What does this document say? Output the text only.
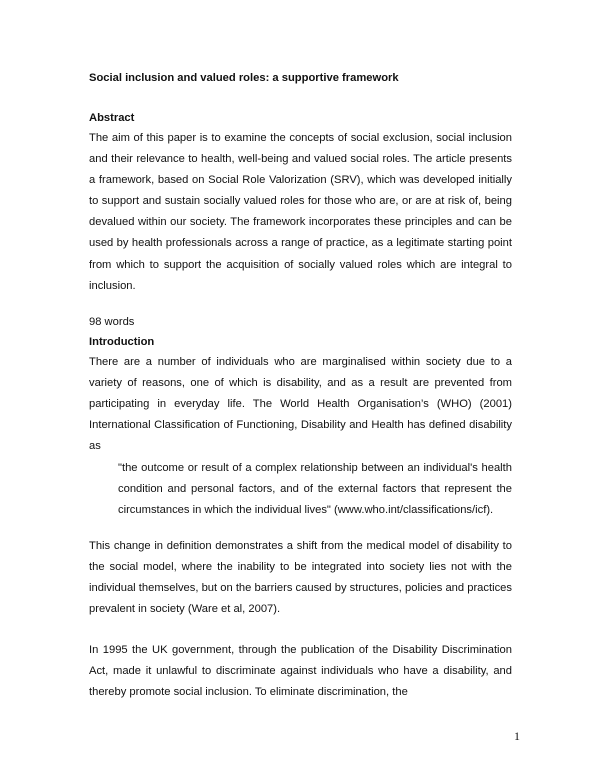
Social inclusion and valued roles: a supportive framework
Abstract
The aim of this paper is to examine the concepts of social exclusion, social inclusion and their relevance to health, well-being and valued social roles. The article presents a framework, based on Social Role Valorization (SRV), which was developed initially to support and sustain socially valued roles for those who are, or are at risk of, being devalued within our society. The framework incorporates these principles and can be used by health professionals across a range of practice, as a legitimate starting point from which to support the acquisition of socially valued roles which are integral to inclusion.
98 words
Introduction
There are a number of individuals who are marginalised within society due to a variety of reasons, one of which is disability, and as a result are prevented from participating in everyday life. The World Health Organisation’s (WHO) (2001) International Classification of Functioning, Disability and Health has defined disability as
"the outcome or result of a complex relationship between an individual's health condition and personal factors, and of the external factors that represent the circumstances in which the individual lives" (www.who.int/classifications/icf).
This change in definition demonstrates a shift from the medical model of disability to the social model, where the inability to be integrated into society lies not with the individual themselves, but on the barriers caused by structures, policies and practices prevalent in society (Ware et al, 2007).
In 1995 the UK government, through the publication of the Disability Discrimination Act, made it unlawful to discriminate against individuals who have a disability, and thereby promote social inclusion. To eliminate discrimination, the
1
